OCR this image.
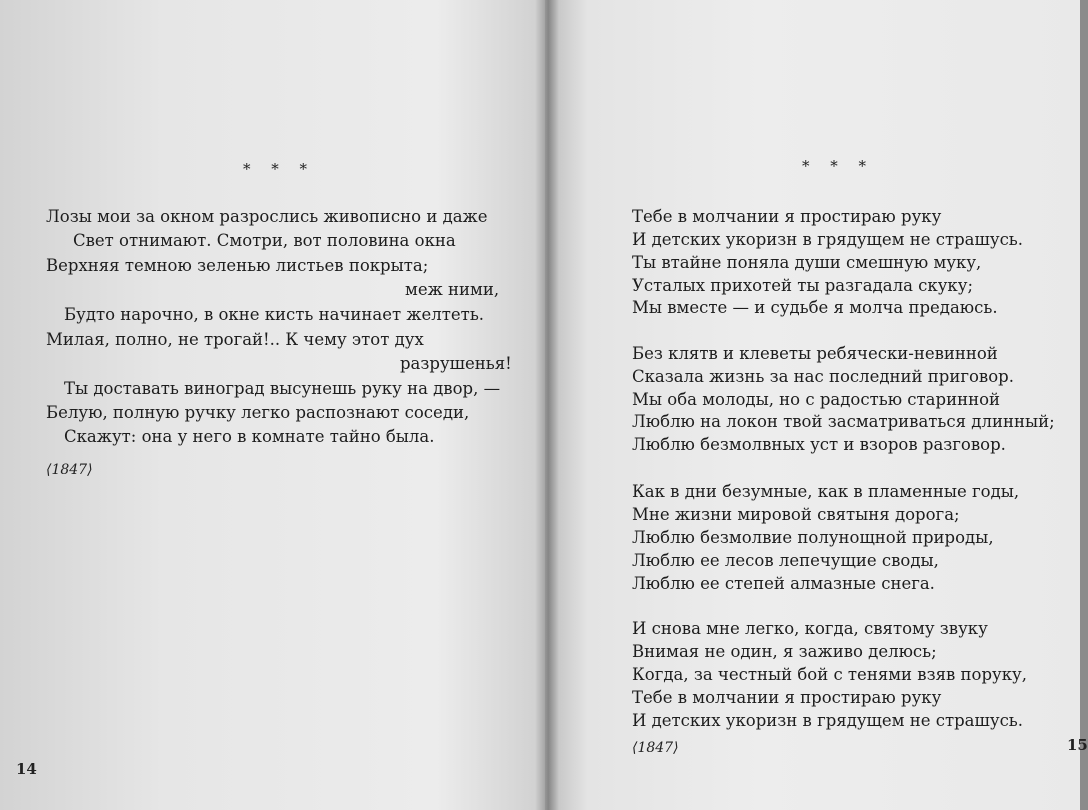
* * *
Лозы мои за окном разрослись живописно и даже
Свет отнимают. Смотри, вот половина окна
Верхняя темною зеленью листьев покрыта;
меж ними,
Будто нарочно, в окне кисть начинает желтеть.
Милая, полно, не трогай!.. К чему этот дух
разрушенья!
Ты доставать виноград высунешь руку на двор, —
Белую, полную ручку легко распознают соседи,
Скажут: она у него в комнате тайно была.
⟨1847⟩
14
* * *
Тебе в молчании я простираю руку
И детских укоризн в грядущем не страшусь.
Ты втайне поняла души смешную муку,
Усталых прихотей ты разгадала скуку;
Мы вместе — и судьбе я молча предаюсь.
Без клятв и клеветы ребячески-невинной
Сказала жизнь за нас последний приговор.
Мы оба молоды, но с радостью старинной
Люблю на локон твой засматриваться длинный;
Люблю безмолвных уст и взоров разговор.
Как в дни безумные, как в пламенные годы,
Мне жизни мировой святыня дорога;
Люблю безмолвие полунощной природы,
Люблю ее лесов лепечущие своды,
Люблю ее степей алмазные снега.
И снова мне легко, когда, святому звуку
Внимая не один, я заживо делюсь;
Когда, за честный бой с тенями взяв поруку,
Тебе в молчании я простираю руку
И детских укоризн в грядущем не страшусь.
⟨1847⟩	15
